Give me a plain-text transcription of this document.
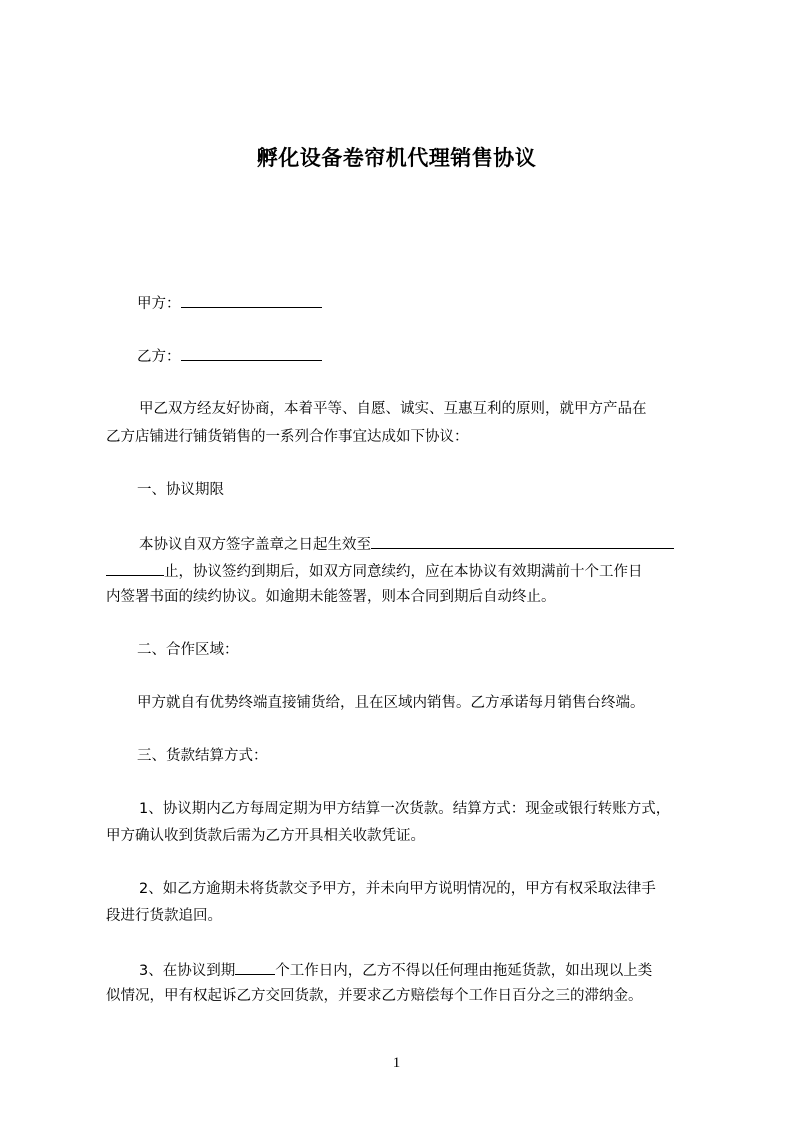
孵化设备卷帘机代理销售协议

甲方：

乙方：

甲乙双方经友好协商，本着平等、自愿、诚实、互惠互利的原则，就甲方产品在

乙方店铺进行铺货销售的一系列合作事宜达成如下协议：

一、协议期限

本协议自双方签字盖章之日起生效至

止，协议签约到期后，如双方同意续约，应在本协议有效期满前十个工作日

内签署书面的续约协议。如逾期未能签署，则本合同到期后自动终止。

二、合作区域：

甲方就自有优势终端直接铺货给，且在区域内销售。乙方承诺每月销售台终端。

三、货款结算方式：

1、协议期内乙方每周定期为甲方结算一次货款。结算方式：现金或银行转账方式，

甲方确认收到货款后需为乙方开具相关收款凭证。

2、如乙方逾期未将货款交予甲方，并未向甲方说明情况的，甲方有权采取法律手

段进行货款追回。

3、在协议到期	个工作日内，乙方不得以任何理由拖延货款，如出现以上类

似情况，甲有权起诉乙方交回货款，并要求乙方赔偿每个工作日百分之三的滞纳金。

1
